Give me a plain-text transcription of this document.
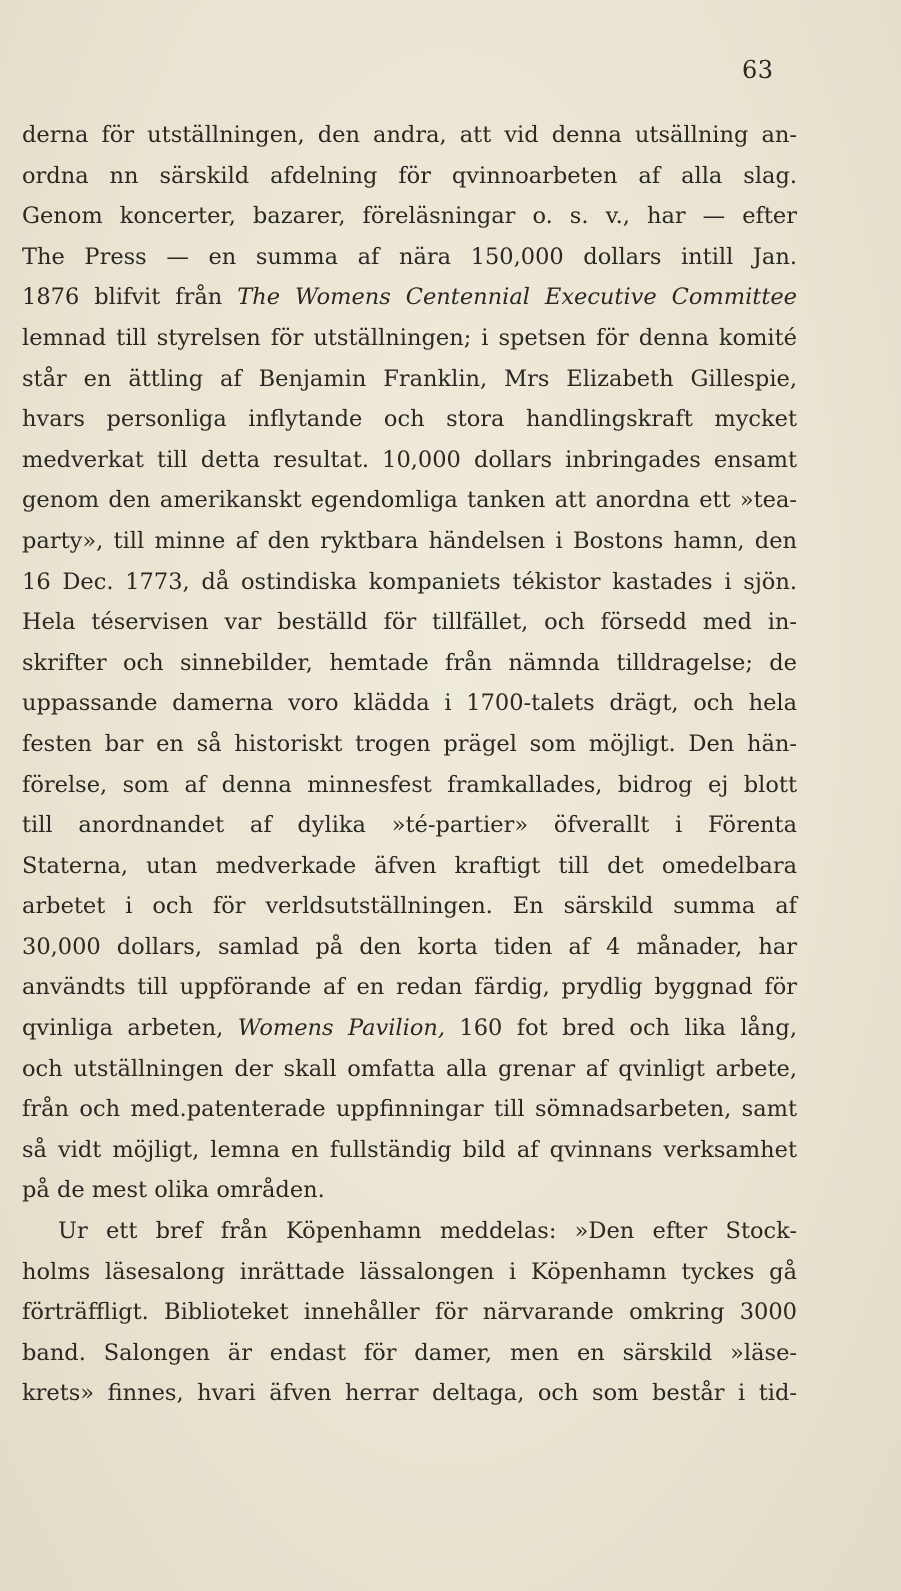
63
derna för utställningen, den andra, att vid denna utsällning an-
ordna nn särskild afdelning för qvinnoarbeten af alla slag.
Genom koncerter, bazarer, föreläsningar o. s. v., har — efter
The Press — en summa af nära 150,000 dollars intill Jan.
1876 blifvit från The Womens Centennial Executive Committee
lemnad till styrelsen för utställningen; i spetsen för denna komité
står en ättling af Benjamin Franklin, Mrs Elizabeth Gillespie,
hvars personliga inflytande och stora handlingskraft mycket
medverkat till detta resultat. 10,000 dollars inbringades ensamt
genom den amerikanskt egendomliga tanken att anordna ett »tea-
party», till minne af den ryktbara händelsen i Bostons hamn, den
16 Dec. 1773, då ostindiska kompaniets tékistor kastades i sjön.
Hela téservisen var beställd för tillfället, och försedd med in-
skrifter och sinnebilder, hemtade från nämnda tilldragelse; de
uppassande damerna voro klädda i 1700-talets drägt, och hela
festen bar en så historiskt trogen prägel som möjligt. Den hän-
förelse, som af denna minnesfest framkallades, bidrog ej blott
till anordnandet af dylika »té-partier» öfverallt i Förenta
Staterna, utan medverkade äfven kraftigt till det omedelbara
arbetet i och för verldsutställningen. En särskild summa af
30,000 dollars, samlad på den korta tiden af 4 månader, har
användts till uppförande af en redan färdig, prydlig byggnad för
qvinliga arbeten, Womens Pavilion, 160 fot bred och lika lång,
och utställningen der skall omfatta alla grenar af qvinligt arbete,
från och med.patenterade uppfinningar till sömnadsarbeten, samt
så vidt möjligt, lemna en fullständig bild af qvinnans verksamhet
på de mest olika områden.
Ur ett bref från Köpenhamn meddelas: »Den efter Stock-
holms läsesalong inrättade lässalongen i Köpenhamn tyckes gå
förträffligt. Biblioteket innehåller för närvarande omkring 3000
band. Salongen är endast för damer, men en särskild »läse-
krets» finnes, hvari äfven herrar deltaga, och som består i tid-
